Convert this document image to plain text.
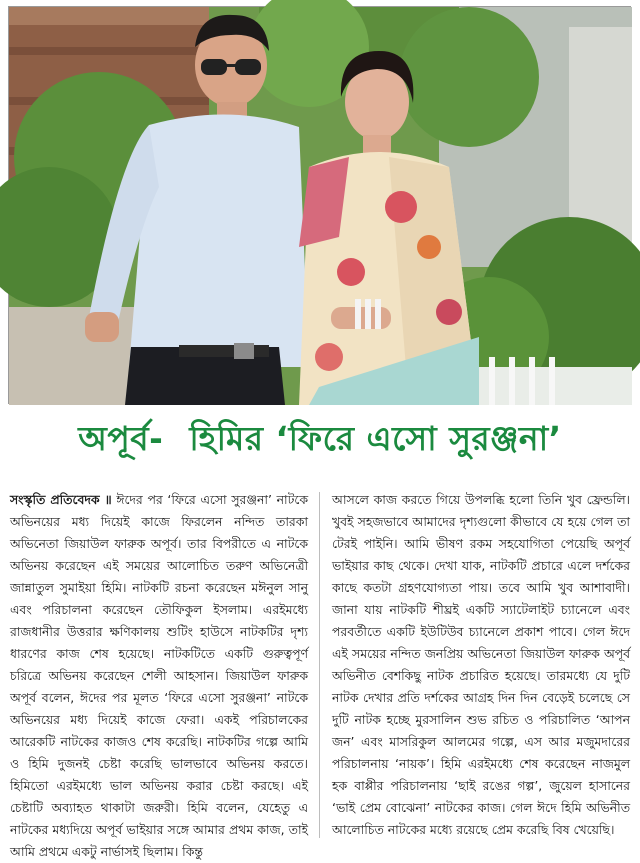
অপূর্ব- হিমির ‘ফিরে এসো সুরঞ্জনা’

সংস্কৃতি প্রতিবেদক ॥ ঈদের পর ‘ফিরে এসো সুরঞ্জনা’ নাটকে অভিনয়ের মধ্য দিয়েই কাজে ফিরলেন নন্দিত তারকা অভিনেতা জিয়াউল ফারুক অপূর্ব। তার বিপরীতে এ নাটকে অভিনয় করেছেন এই সময়ের আলোচিত তরুণ অভিনেত্রী জান্নাতুল সুমাইয়া হিমি। নাটকটি রচনা করেছেন মঈনুল সানু এবং পরিচালনা করেছেন তৌফিকুল ইসলাম। এরইমধ্যে রাজধানীর উত্তরার ক্ষণিকালয় শুটিং হাউসে নাটকটির দৃশ্য ধারণের কাজ শেষ হয়েছে। নাটকটিতে একটি গুরুত্বপূর্ণ চরিত্রে অভিনয় করেছেন শেলী আহসান। জিয়াউল ফারুক অপূর্ব বলেন, ঈদের পর মূলত ‘ফিরে এসো সুরঞ্জনা’ নাটকে অভিনয়ের মধ্য দিয়েই কাজে ফেরা। একই পরিচালকের আরেকটি নাটকের কাজও শেষ করেছি। নাটকটির গল্পে আমি ও হিমি দুজনই চেষ্টা করেছি ভালভাবে অভিনয় করতে। হিমিতো এরইমধ্যে ভাল অভিনয় করার চেষ্টা করছে। এই চেষ্টাটি অব্যাহত থাকাটা জরুরী। হিমি বলেন, যেহেতু এ নাটকের মধ্যদিয়ে অপূর্ব ভাইয়ার সঙ্গে আমার প্রথম কাজ, তাই আমি প্রথমে একটু নার্ভাসই ছিলাম। কিন্তু

আসলে কাজ করতে গিয়ে উপলব্ধি হলো তিনি খুব ফ্রেন্ডলি। খুবই সহজভাবে আমাদের দৃশ্যগুলো কীভাবে যে হয়ে গেল তা টেরই পাইনি। আমি ভীষণ রকম সহযোগিতা পেয়েছি অপূর্ব ভাইয়ার কাছ থেকে। দেখা যাক, নাটকটি প্রচারে এলে দর্শকের কাছে কতটা গ্রহণযোগ্যতা পায়। তবে আমি খুব আশাবাদী। জানা যায় নাটকটি শীঘ্রই একটি স্যাটেলাইট চ্যানেলে এবং পরবর্তীতে একটি ইউটিউব চ্যানেলে প্রকাশ পাবে। গেল ঈদে এই সময়ের নন্দিত জনপ্রিয় অভিনেতা জিয়াউল ফারুক অপূর্ব অভিনীত বেশকিছু নাটক প্রচারিত হয়েছে। তারমধ্যে যে দুটি নাটক দেখার প্রতি দর্শকের আগ্রহ দিন দিন বেড়েই চলেছে সে দুটি নাটক হচ্ছে মুরসালিন শুভ রচিত ও পরিচালিত ‘আপন জন’ এবং মাসরিকুল আলমের গল্পে, এস আর মজুমদারের পরিচালনায় ‘নায়ক’। হিমি এরইমধ্যে শেষ করেছেন নাজমুল হক বাপ্পীর পরিচালনায় ‘ছাই রঙের গল্প’, জুয়েল হাসানের ‘ভাই প্রেম বোঝেনা’ নাটকের কাজ। গেল ঈদে হিমি অভিনীত আলোচিত নাটকের মধ্যে রয়েছে প্রেম করেছি বিষ খেয়েছি।
